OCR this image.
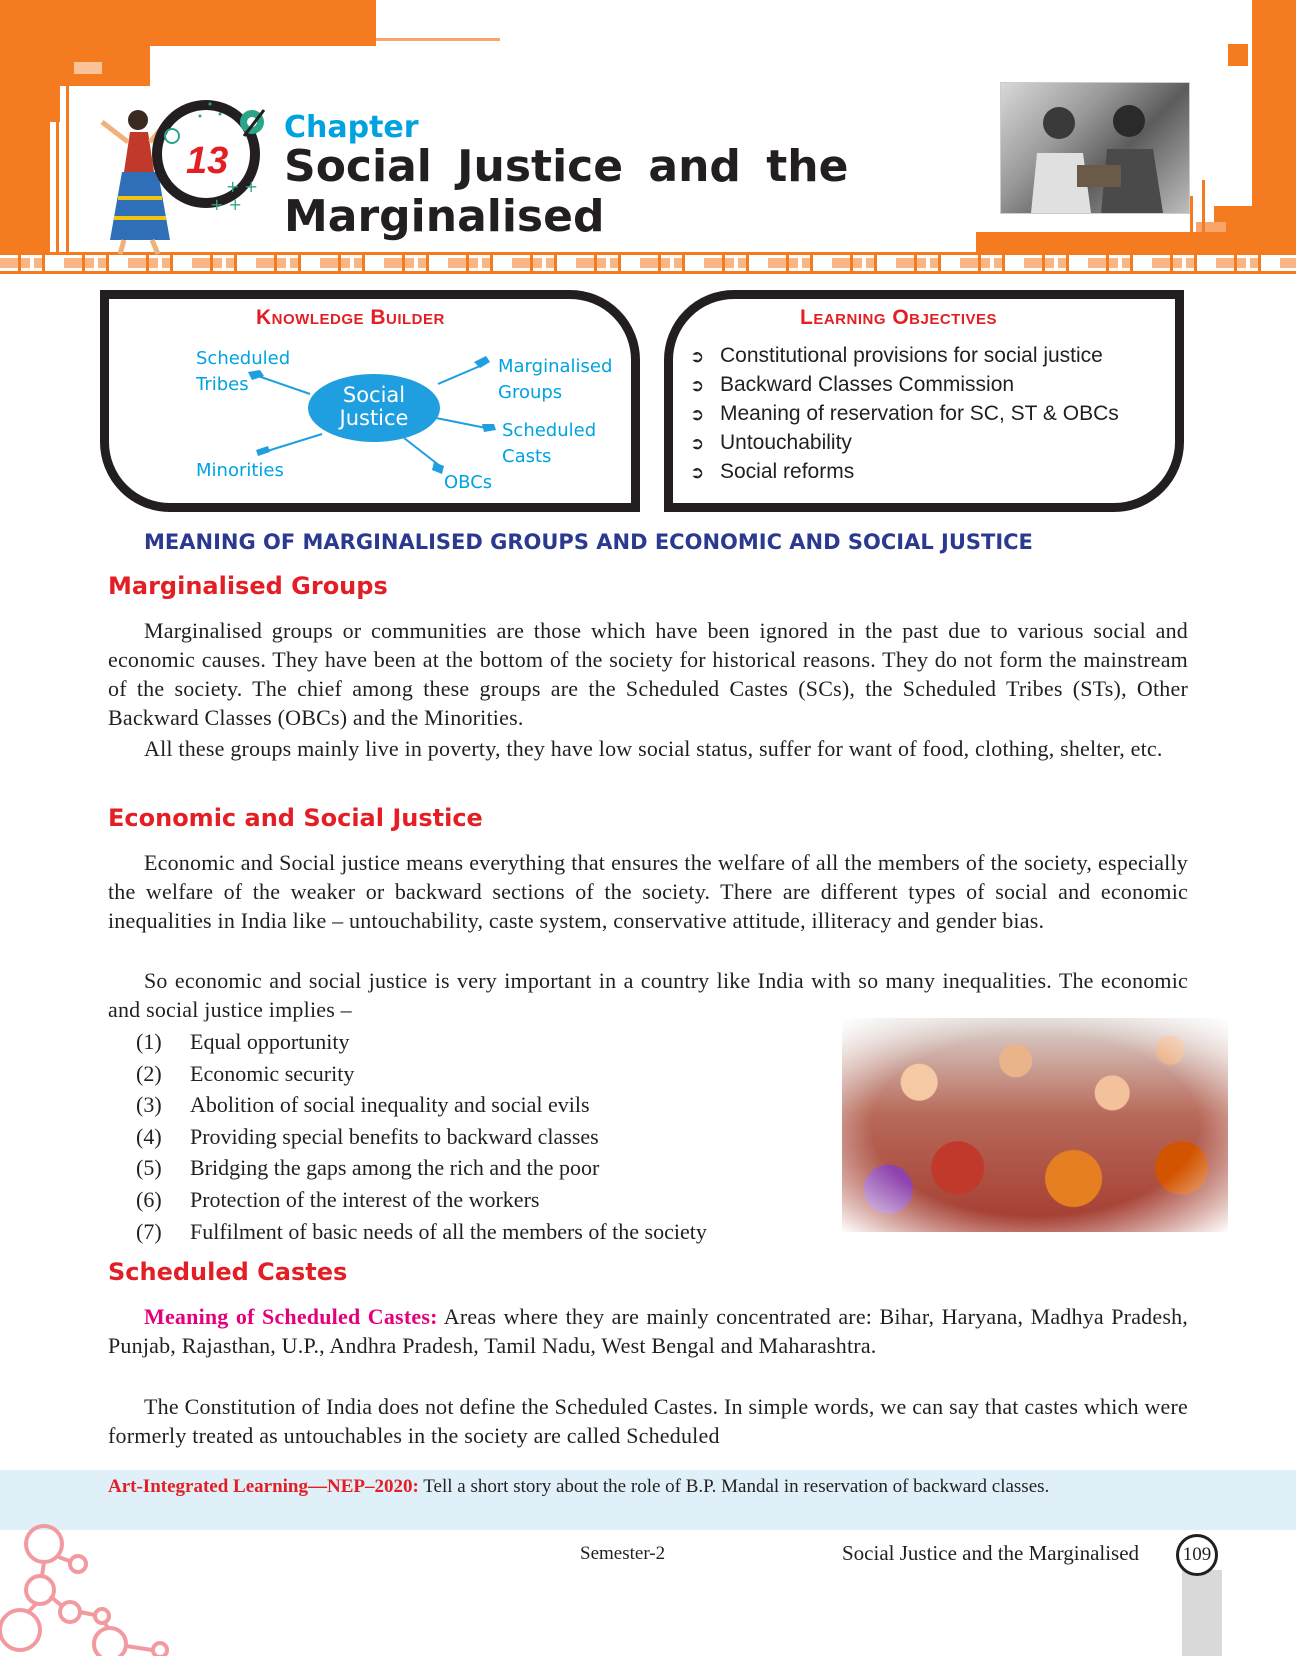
+ +
+ +
13
Chapter
Social Justice and the
Marginalised
Knowledge Builder
Social Justice
Scheduled Tribes
Marginalised Groups
Scheduled Casts
OBCs
Minorities
Learning Objectives
➲ Constitutional provisions for social justice
➲ Backward Classes Commission
➲ Meaning of reservation for SC, ST & OBCs
➲ Untouchability
➲ Social reforms
MEANING OF MARGINALISED GROUPS AND ECONOMIC AND SOCIAL JUSTICE
Marginalised Groups
Marginalised groups or communities are those which have been ignored in the past due to various social and economic causes. They have been at the bottom of the society for historical reasons. They do not form the mainstream of the society. The chief among these groups are the Scheduled Castes (SCs), the Scheduled Tribes (STs), Other Backward Classes (OBCs) and the Minorities.
All these groups mainly live in poverty, they have low social status, suffer for want of food, clothing, shelter, etc.
Economic and Social Justice
Economic and Social justice means everything that ensures the welfare of all the members of the society, especially the welfare of the weaker or backward sections of the society. There are different types of social and economic inequalities in India like – untouchability, caste system, conservative attitude, illiteracy and gender bias.
So economic and social justice is very important in a country like India with so many inequalities. The economic and social justice implies –
(1) Equal opportunity
(2) Economic security
(3) Abolition of social inequality and social evils
(4) Providing special benefits to backward classes
(5) Bridging the gaps among the rich and the poor
(6) Protection of the interest of the workers
(7) Fulfilment of basic needs of all the members of the society
Scheduled Castes
Meaning of Scheduled Castes: Areas where they are mainly concentrated are: Bihar, Haryana, Madhya Pradesh, Punjab, Rajasthan, U.P., Andhra Pradesh, Tamil Nadu, West Bengal and Maharashtra.
The Constitution of India does not define the Scheduled Castes. In simple words, we can say that castes which were formerly treated as untouchables in the society are called Scheduled
Art-Integrated Learning—NEP–2020: Tell a short story about the role of B.P. Mandal in reservation of backward classes.
Semester-2	Social Justice and the Marginalised	109
